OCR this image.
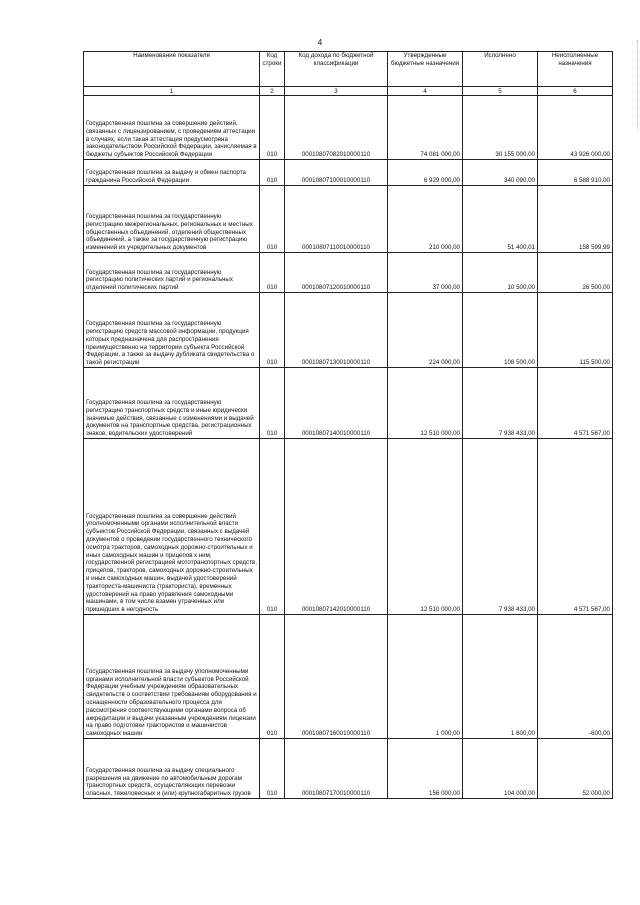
4
Наименование показателя	Код строки	Код дохода по бюджетной классификации	Утвержденные бюджетные назначения	Исполнено	Неисполненные назначения
1	2	3	4	5	6
Государственная пошлина за совершение действий, связанных с лицензированием, с проведением аттестации в случаях, если такая аттестация предусмотрена законодательством Российской Федерации, зачисляемая в бюджеты субъектов Российской Федерации	010	00010807082010000110	74 081 000,00	30 155 000,00	43 926 000,00
Государственная пошлина за выдачу и обмен паспорта гражданина Российской Федерации	010	00010807100010000110	6 929 000,00	340 090,00	6 588 910,00
Государственная пошлина за государственную регистрацию межрегиональных, региональных и местных общественных объединений, отделений общественных объединений, а также за государственную регистрацию изменений их учредительных документов	010	00010807110010000110	210 000,00	51 400,01	158 599,99
Государственная пошлина за государственную регистрацию политических партий и региональных отделений политических партий	010	00010807120010000110	37 000,00	10 500,00	26 500,00
Государственная пошлина за государственную регистрацию средств массовой информации, продукция которых предназначена для распространения преимущественно на территории субъекта Российской Федерации, а также за выдачу дубликата свидетельства о такой регистрации	010	00010807130010000110	224 000,00	108 500,00	115 500,00
Государственная пошлина за государственную регистрацию транспортных средств и иные юридически значимые действия, связанные с изменениями и выдачей документов на транспортные средства, регистрационных знаков, водительских удостоверений	010	00010807140010000110	12 510 000,00	7 938 433,00	4 571 567,00
Государственная пошлина за совершение действий уполномоченными органами исполнительной власти субъектов Российской Федерации, связанных с выдачей документов о проведении государственного технического осмотра тракторов, самоходных дорожно-строительных и иных самоходных машин и прицепов к ним, государственной регистрацией мототранспортных средств, прицепов, тракторов, самоходных дорожно-строительных и иных самоходных машин, выдачей удостоверений тракториста-машиниста (тракториста), временных удостоверений на право управления самоходными машинами, в том числе взамен утраченных или пришедших в негодность	010	00010807142010000110	12 510 000,00	7 938 433,00	4 571 567,00
Государственная пошлина за выдачу уполномоченными органами исполнительной власти субъектов Российской Федерации учебным учреждениям образовательных свидетельств о соответствии требованиям оборудования и оснащенности образовательного процесса для рассмотрения соответствующими органами вопроса об аккредитации и выдачи указанным учреждениям лицензии на право подготовки трактористов и машинистов самоходных машин	010	00010807160010000110	1 000,00	1 600,00	-600,00
Государственная пошлина за выдачу специального разрешения на движение по автомобильным дорогам транспортных средств, осуществляющих перевозки опасных, тяжеловесных и (или) крупногабаритных грузов	010	00010807170010000110	156 000,00	104 000,00	52 000,00
